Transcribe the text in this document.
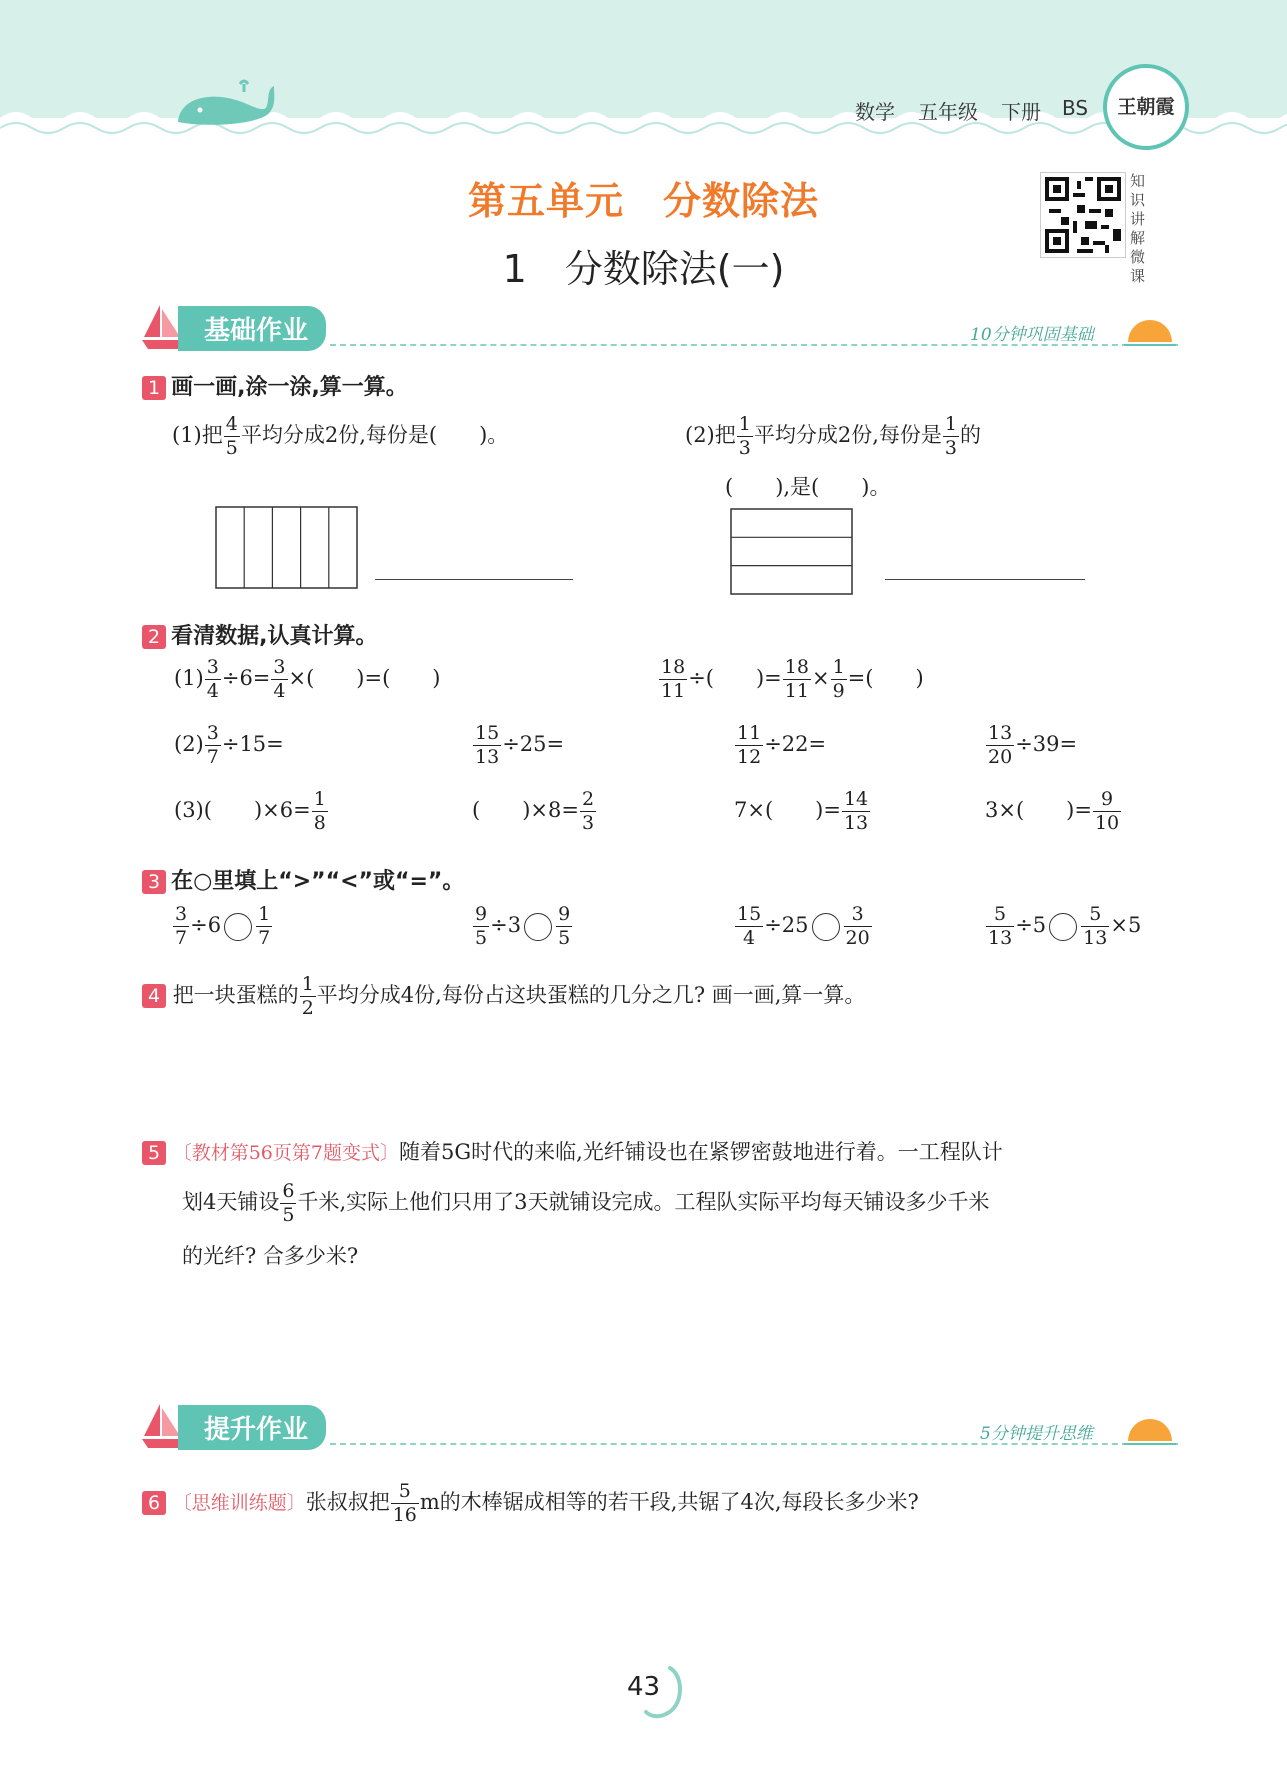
数学 五年级 下册 BS	王朝霞
第五单元　分数除法
1　分数除法(一)
知识讲解微课
基础作业	10分钟巩固基础
1 画一画,涂一涂,算一算。
(1)把 $\frac{4}{5}$ 平均分成2份,每份是(　　)。	(2)把 $\frac{1}{3}$ 平均分成2份,每份是 $\frac{1}{3}$ 的
(　　),是(　　)。
2 看清数据,认真计算。
$(1) \frac{3}{4} \div 6= \frac{3}{4}$ ×(　　)=(　　)	$\frac{18}{11}$ ÷(　　)= $\frac{18}{11} \times \frac{1}{9}$ =(　　)
$(2) \frac{3}{7} \div 15=$	$\frac{15}{13} \div 25=$	$\frac{11}{12} \div 22=$	$\frac{13}{20} \div 39=$
(3)(　　)$\times 6= \frac{1}{8}$	(　　)$\times 8= \frac{2}{3}$	7×(　　)= $\frac{14}{13}$	3×(　　)= $\frac{9}{10}$
3 在○里填上“>”“<”或“=”。
$\frac{3}{7} \div 6 \frac{1}{7}$	$\frac{9}{5} \div 3 \frac{9}{5}$	$\frac{15}{4} \div 25 \frac{3}{20}$	$\frac{5}{13} \div 5 \frac{5}{13} \times 5$
4 把一块蛋糕的 $\frac{1}{2}$ 平均分成4份,每份占这块蛋糕的几分之几? 画一画,算一算。
5 〔教材第56页第7题变式〕随着5G时代的来临,光纤铺设也在紧锣密鼓地进行着。一工程队计
划4天铺设 $\frac{6}{5}$ 千米,实际上他们只用了3天就铺设完成。工程队实际平均每天铺设多少千米
的光纤? 合多少米?
提升作业	5分钟提升思维
6 〔思维训练题〕张叔叔把 $\frac{5}{16}$ m的木棒锯成相等的若干段,共锯了4次,每段长多少米?
43
